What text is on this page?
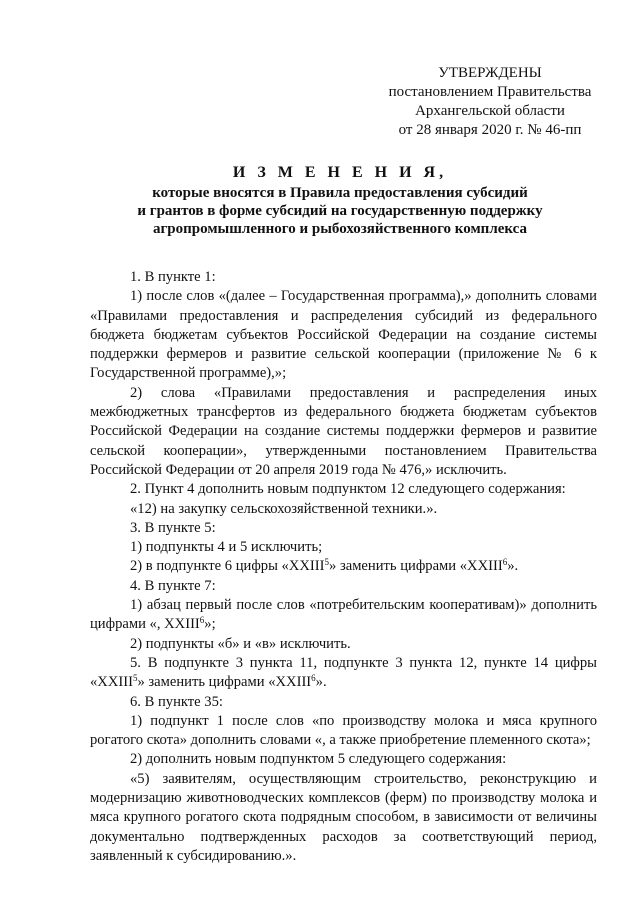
УТВЕРЖДЕНЫ
постановлением Правительства
Архангельской области
от 28 января 2020 г. № 46-пп
И З М Е Н Е Н И Я,
которые вносятся в Правила предоставления субсидий
и грантов в форме субсидий на государственную поддержку
агропромышленного и рыбохозяйственного комплекса

1. В пункте 1:

1) после слов «(далее – Государственная программа),» дополнить словами «Правилами предоставления и распределения субсидий из федерального бюджета бюджетам субъектов Российской Федерации на создание системы поддержки фермеров и развитие сельской кооперации (приложение № 6 к Государственной программе),»;

2) слова «Правилами предоставления и распределения иных межбюджетных трансфертов из федерального бюджета бюджетам субъектов Российской Федерации на создание системы поддержки фермеров и развитие сельской кооперации», утвержденными постановлением Правительства Российской Федерации от 20 апреля 2019 года № 476,» исключить.

2. Пункт 4 дополнить новым подпунктом 12 следующего содержания:

«12) на закупку сельскохозяйственной техники.».

3. В пункте 5:

1) подпункты 4 и 5 исключить;

2) в подпункте 6 цифры «ХХIII$^5$» заменить цифрами «ХХIII$^6$».

4. В пункте 7:

1) абзац первый после слов «потребительским кооперативам)» дополнить цифрами «, ХХIII$^6$»;

2) подпункты «б» и «в» исключить.

5. В подпункте 3 пункта 11, подпункте 3 пункта 12, пункте 14 цифры «ХХIII$^5$» заменить цифрами «ХХIII$^6$».

6. В пункте 35:

1) подпункт 1 после слов «по производству молока и мяса крупного рогатого скота» дополнить словами «, а также приобретение племенного скота»;

2) дополнить новым подпунктом 5 следующего содержания:

«5) заявителям, осуществляющим строительство, реконструкцию и модернизацию животноводческих комплексов (ферм) по производству молока и мяса крупного рогатого скота подрядным способом, в зависимости от величины документально подтвержденных расходов за соответствующий период, заявленный к субсидированию.».
